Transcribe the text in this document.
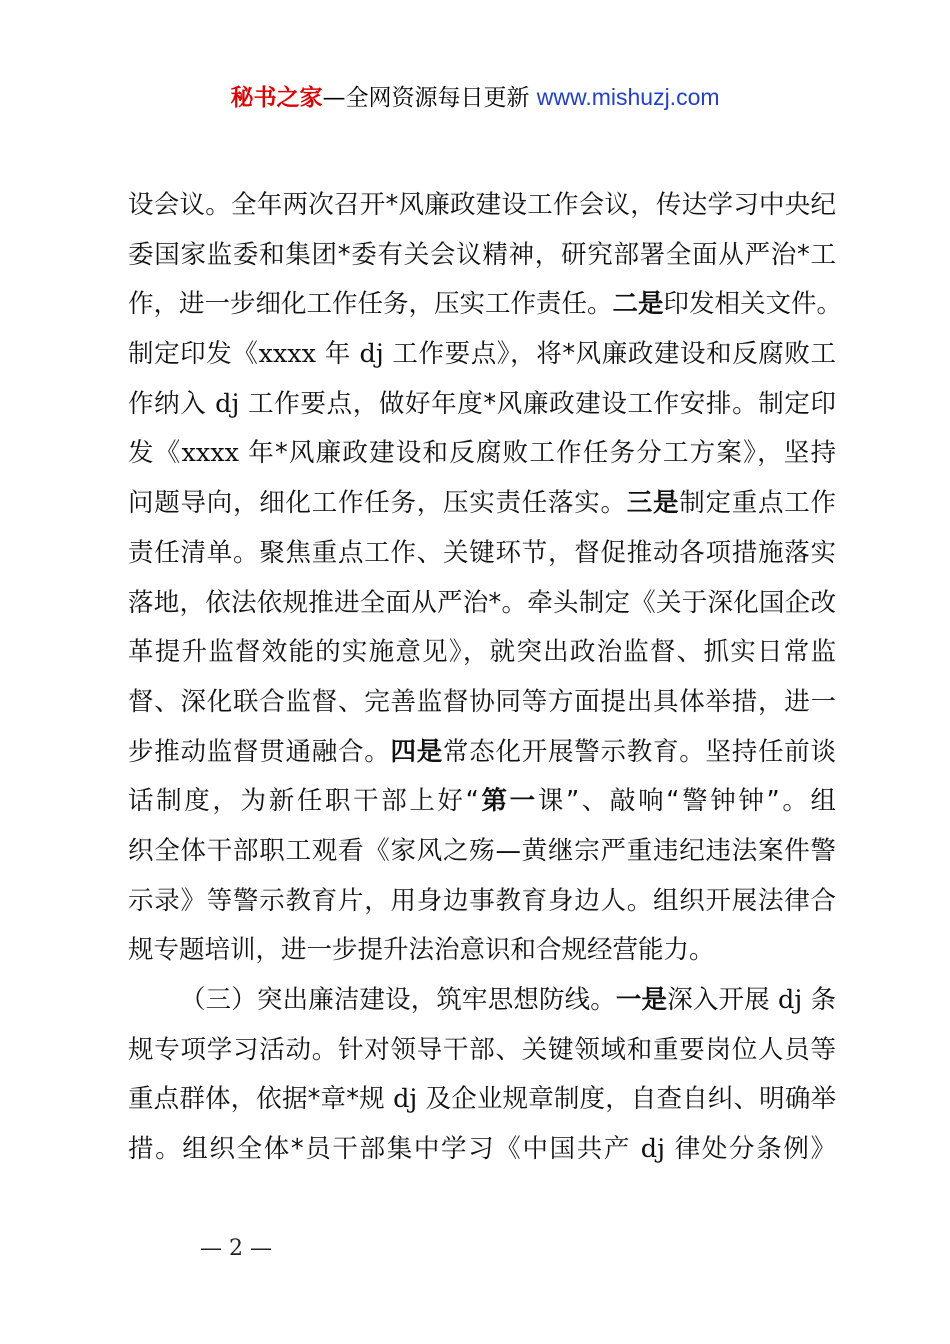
秘书之家—全网资源每日更新 www.mishuzj.com
设会议。全年两次召开*风廉政建设工作会议，传达学习中央纪
委国家监委和集团*委有关会议精神，研究部署全面从严治*工
作，进一步细化工作任务，压实工作责任。二是印发相关文件。
制定印发《xxxx 年 dj 工作要点》，将*风廉政建设和反腐败工
作纳入 dj 工作要点，做好年度*风廉政建设工作安排。制定印
发《xxxx 年*风廉政建设和反腐败工作任务分工方案》，坚持
问题导向，细化工作任务，压实责任落实。三是制定重点工作
责任清单。聚焦重点工作、关键环节，督促推动各项措施落实
落地，依法依规推进全面从严治*。牵头制定《关于深化国企改
革提升监督效能的实施意见》，就突出政治监督、抓实日常监
督、深化联合监督、完善监督协同等方面提出具体举措，进一
步推动监督贯通融合。四是常态化开展警示教育。坚持任前谈
话制度，为新任职干部上好“第一课”、敲响“警钟钟”。组
织全体干部职工观看《家风之殇—黄继宗严重违纪违法案件警
示录》等警示教育片，用身边事教育身边人。组织开展法律合
规专题培训，进一步提升法治意识和合规经营能力。
（三）突出廉洁建设，筑牢思想防线。一是深入开展 dj 条
规专项学习活动。针对领导干部、关键领域和重要岗位人员等
重点群体，依据*章*规 dj 及企业规章制度，自查自纠、明确举
措。组织全体*员干部集中学习《中国共产 dj 律处分条例》
— 2 —
